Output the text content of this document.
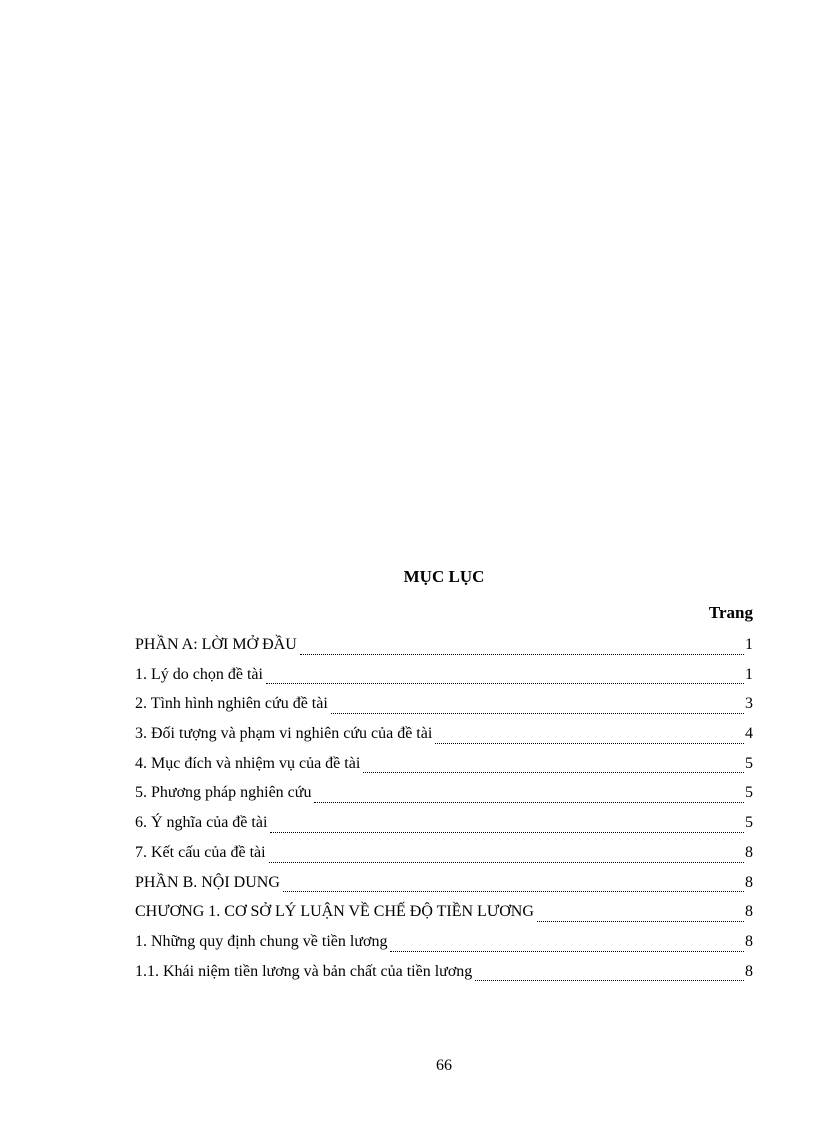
MỤC LỤC
Trang
PHẦN A: LỜI MỞ ĐẦU	1
1. Lý do chọn đề tài	1
2. Tình hình nghiên cứu đề tài	3
3. Đối tượng và phạm vi nghiên cứu của đề tài	4
4. Mục đích và nhiệm vụ của đề tài	5
5. Phương pháp nghiên cứu	5
6. Ý nghĩa của đề tài	5
7. Kết cấu của đề tài	8
PHẦN B. NỘI DUNG	8
CHƯƠNG 1. CƠ SỞ LÝ LUẬN VỀ CHẾ ĐỘ TIỀN LƯƠNG	8
1. Những quy định chung về tiền lương	8
1.1. Khái niệm tiền lương và bản chất của tiền lương	8
66
